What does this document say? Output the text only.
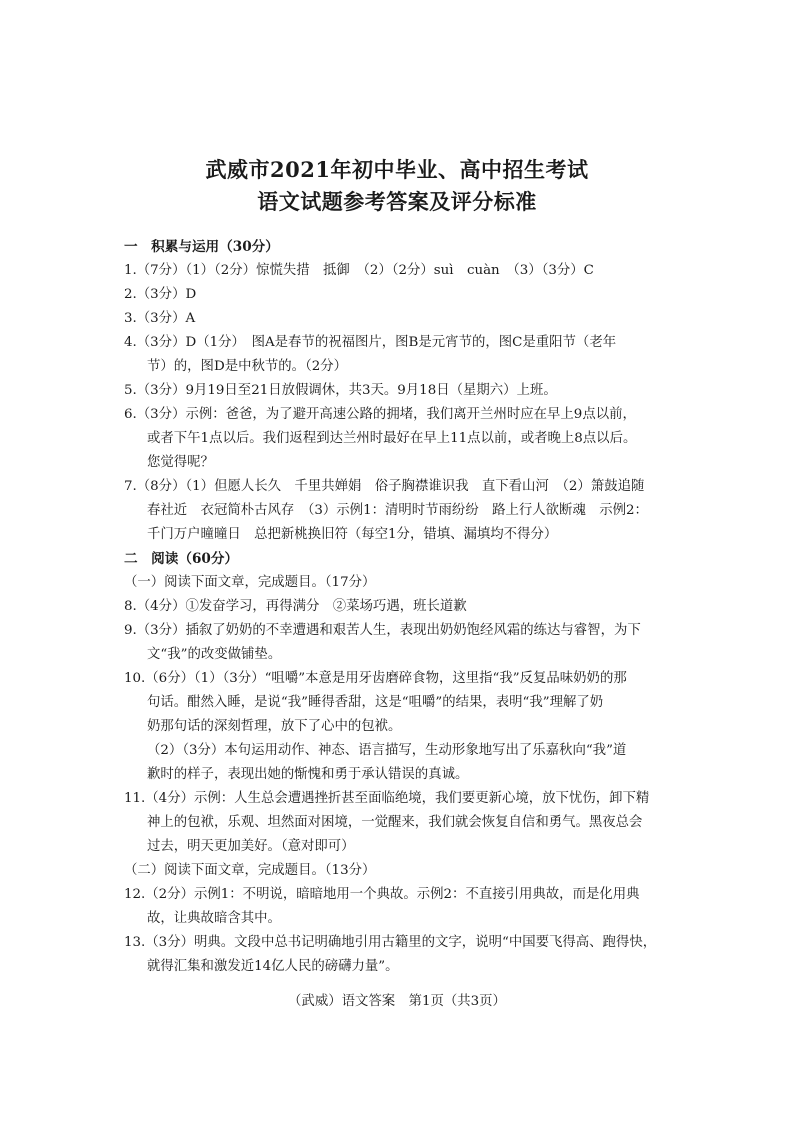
武威市2021年初中毕业、高中招生考试
语文试题参考答案及评分标准
一　积累与运用（30分）
1.（7分）（1）（2分）惊慌失措　抵御　（2）（2分）suì　cuàn　（3）（3分）C
2.（3分）D
3.（3分）A
4.（3分）D（1分）　图A是春节的祝福图片，图B是元宵节的，图C是重阳节（老年
节）的，图D是中秋节的。（2分）
5.（3分）9月19日至21日放假调休，共3天。9月18日（星期六）上班。
6.（3分）示例：爸爸，为了避开高速公路的拥堵，我们离开兰州时应在早上9点以前，
或者下午1点以后。我们返程到达兰州时最好在早上11点以前，或者晚上8点以后。
您觉得呢？
7.（8分）（1）但愿人长久　千里共婵娟　俗子胸襟谁识我　直下看山河　（2）箫鼓追随
春社近　衣冠简朴古风存　（3）示例1：清明时节雨纷纷　路上行人欲断魂　示例2：
千门万户曈曈日　总把新桃换旧符（每空1分，错填、漏填均不得分）
二　阅读（60分）
（一）阅读下面文章，完成题目。（17分）
8.（4分）①发奋学习，再得满分　②菜场巧遇，班长道歉
9.（3分）插叙了奶奶的不幸遭遇和艰苦人生，表现出奶奶饱经风霜的练达与睿智，为下
文“我”的改变做铺垫。
10.（6分）（1）（3分）“咀嚼”本意是用牙齿磨碎食物，这里指“我”反复品味奶奶的那
句话。酣然入睡，是说“我”睡得香甜，这是“咀嚼”的结果，表明“我”理解了奶
奶那句话的深刻哲理，放下了心中的包袱。
（2）（3分）本句运用动作、神态、语言描写，生动形象地写出了乐嘉秋向“我”道
歉时的样子，表现出她的惭愧和勇于承认错误的真诚。
11.（4分）示例：人生总会遭遇挫折甚至面临绝境，我们要更新心境，放下忧伤，卸下精
神上的包袱，乐观、坦然面对困境，一觉醒来，我们就会恢复自信和勇气。黑夜总会
过去，明天更加美好。（意对即可）
（二）阅读下面文章，完成题目。（13分）
12.（2分）示例1：不明说，暗暗地用一个典故。示例2：不直接引用典故，而是化用典
故，让典故暗含其中。
13.（3分）明典。文段中总书记明确地引用古籍里的文字，说明“中国要飞得高、跑得快，
就得汇集和激发近14亿人民的磅礴力量”。
（武威）语文答案　第1页（共3页）
